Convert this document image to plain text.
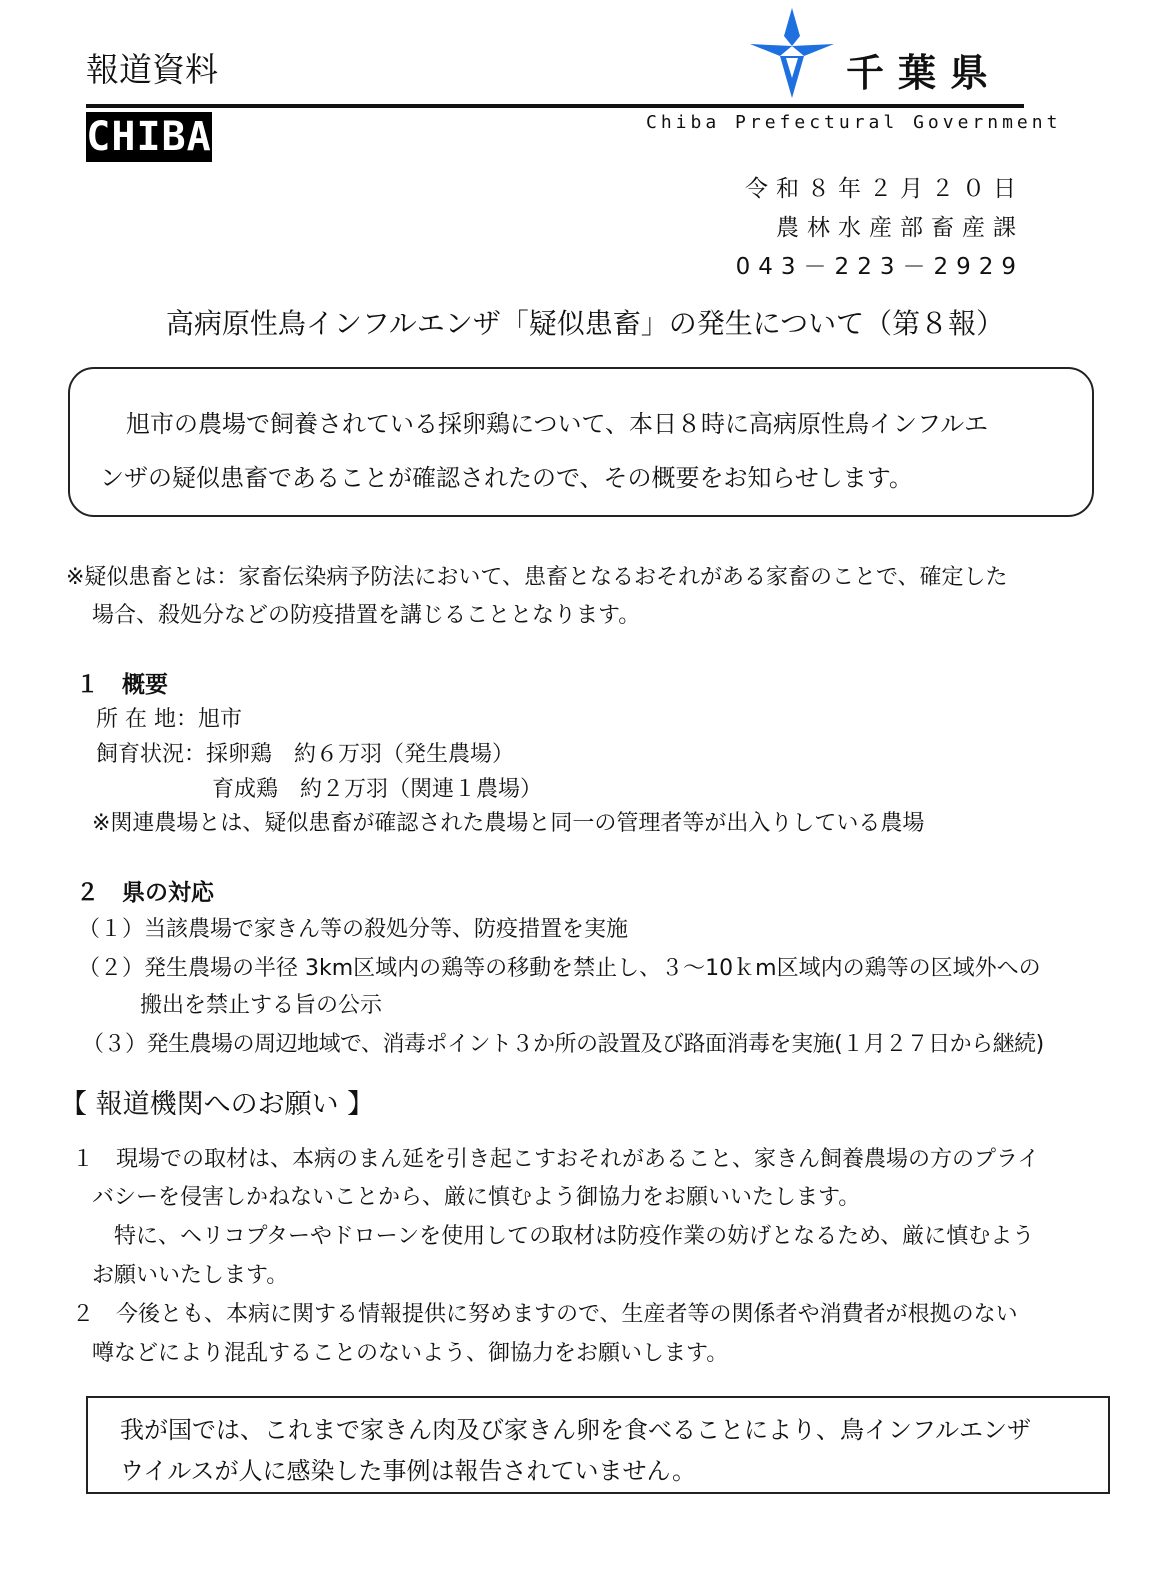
報道資料	千葉県
CHIBA	Chiba Prefectural Government
令和８年２月２０日
農林水産部畜産課
043－223－2929
高病原性鳥インフルエンザ「疑似患畜」の発生について（第８報）
旭市の農場で飼養されている採卵鶏について、本日８時に高病原性鳥インフルエ
ンザの疑似患畜であることが確認されたので、その概要をお知らせします。
※疑似患畜とは：家畜伝染病予防法において、患畜となるおそれがある家畜のことで、確定した
場合、殺処分などの防疫措置を講じることとなります。
１　概要
所 在 地：旭市
飼育状況：採卵鶏　約６万羽（発生農場）
育成鶏　約２万羽（関連１農場）
※関連農場とは、疑似患畜が確認された農場と同一の管理者等が出入りしている農場
２　県の対応
（１）当該農場で家きん等の殺処分等、防疫措置を実施
（２）発生農場の半径 3km区域内の鶏等の移動を禁止し、３～10ｋm区域内の鶏等の区域外への
搬出を禁止する旨の公示
（３）発生農場の周辺地域で、消毒ポイント３か所の設置及び路面消毒を実施(１月２７日から継続)
【 報道機関へのお願い 】
１　現場での取材は、本病のまん延を引き起こすおそれがあること、家きん飼養農場の方のプライ
バシーを侵害しかねないことから、厳に慎むよう御協力をお願いいたします。
特に、ヘリコプターやドローンを使用しての取材は防疫作業の妨げとなるため、厳に慎むよう
お願いいたします。
２　今後とも、本病に関する情報提供に努めますので、生産者等の関係者や消費者が根拠のない
噂などにより混乱することのないよう、御協力をお願いします。
我が国では、これまで家きん肉及び家きん卵を食べることにより、鳥インフルエンザ
ウイルスが人に感染した事例は報告されていません。
